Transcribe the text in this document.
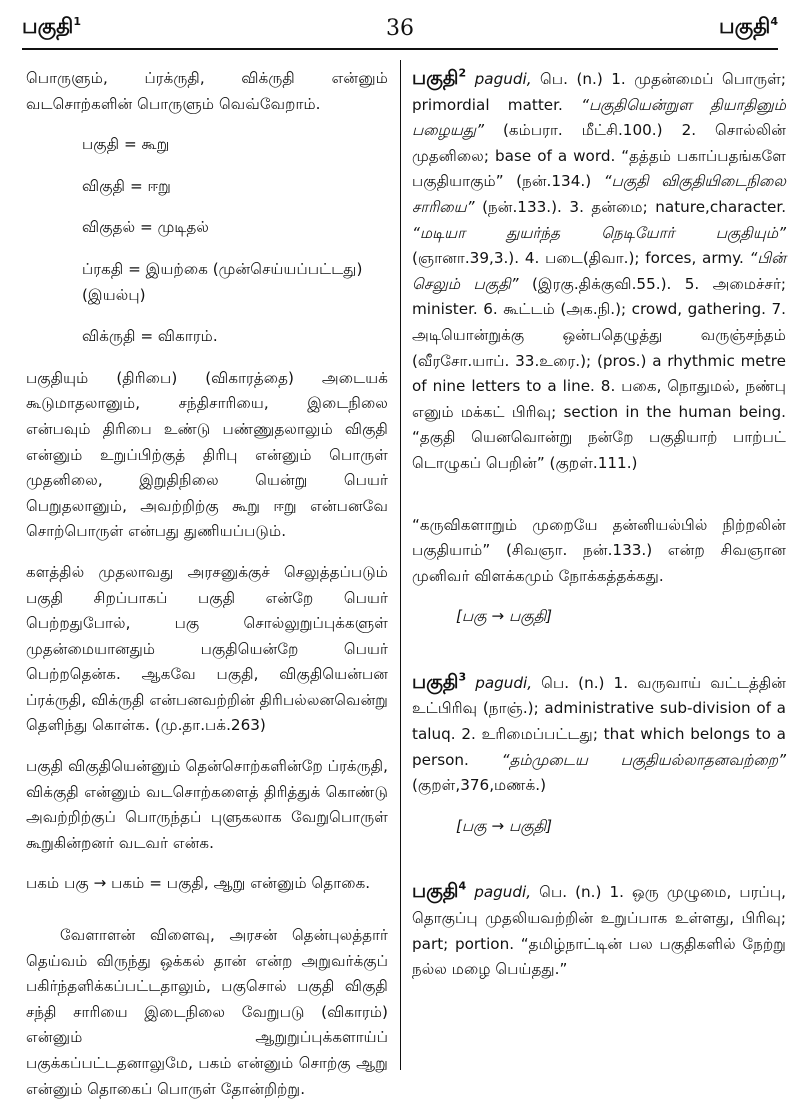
பகுதி$^1$	36	பகுதி$^4$

பொருளும், ப்ரக்ருதி, விக்ருதி என்னும் வடசொற்களின் பொருளும் வெவ்வேறாம்.

பகுதி = கூறு

விகுதி = ஈறு

விகுதல் = முடிதல்

ப்ரகதி = இயற்கை (முன்செய்யப்பட்டது) (இயல்பு)

விக்ருதி = விகாரம்.

பகுதியும் (திரிபை) (விகாரத்தை) அடையக் கூடுமாதலானும், சந்திசாரியை, இடைநிலை என்பவும் திரிபை உண்டு பண்ணுதலாலும் விகுதி என்னும் உறுப்பிற்குத் திரிபு என்னும் பொருள் முதனிலை, இறுதிநிலை யென்று பெயர் பெறுதலானும், அவற்றிற்கு கூறு ஈறு என்பனவே சொற்பொருள் என்பது துணியப்படும்.

களத்தில் முதலாவது அரசனுக்குச் செலுத்தப்படும் பகுதி சிறப்பாகப் பகுதி என்றே பெயர் பெற்றதுபோல், பகு சொல்லுறுப்புக்களுள் முதன்மையானதும் பகுதியென்றே பெயர் பெற்றதென்க. ஆகவே பகுதி, விகுதியென்பன ப்ரக்ருதி, விக்ருதி என்பனவற்றின் திரிபல்லனவென்று தெளிந்து கொள்க. (மு.தா.பக்.263)

பகுதி விகுதியென்னும் தென்சொற்களின்றே ப்ரக்ருதி, விக்குதி என்னும் வடசொற்களைத் திரித்துக் கொண்டு அவற்றிற்குப் பொருந்தப் புளுகலாக வேறுபொருள் கூறுகின்றனர் வடவர் என்க.

பகம் பகு → பகம் = பகுதி, ஆறு என்னும் தொகை.

வேளாளன் விளைவு, அரசன் தென்புலத்தார் தெய்வம் விருந்து ஒக்கல் தான் என்ற அறுவர்க்குப் பகிர்ந்தளிக்கப்பட்டதாலும், பகுசொல் பகுதி விகுதி சந்தி சாரியை இடைநிலை வேறுபடு (விகாரம்) என்னும் ஆறுறுப்புக்களாய்ப் பகுக்கப்பட்டதனாலுமே, பகம் என்னும் சொற்கு ஆறு என்னும் தொகைப் பொருள் தோன்றிற்று.

பகுதி$^2$ pagudi, பெ. (n.) 1. முதன்மைப் பொருள்; primordial matter. “பகுதியென்றுள தியாதினும் பழையது” (கம்பரா. மீட்சி.100.) 2. சொல்லின் முதனிலை; base of a word. “தத்தம் பகாப்பதங்களே பகுதியாகும்” (நன்.134.) “பகுதி விகுதியிடைநிலை சாரியை” (நன்.133.). 3. தன்மை; nature,character. “மடியா துயர்ந்த நெடியோர் பகுதியும்” (ஞானா.39,3.). 4. படை(திவா.); forces, army. “பின் செலும் பகுதி” (இரகு.திக்குவி.55.). 5. அமைச்சர்; minister. 6. கூட்டம் (அக.நி.); crowd, gathering. 7. அடியொன்றுக்கு ஒன்பதெழுத்து வருஞ்சந்தம் (வீரசோ.யாப். 33.உரை.); (pros.) a rhythmic metre of nine letters to a line. 8. பகை, நொதுமல், நண்பு எனும் மக்கட் பிரிவு; section in the human being. “தகுதி யெனவொன்று நன்றே பகுதியாற் பாற்பட் டொழுகப் பெறின்” (குறள்.111.)

“கருவிகளாறும் முறையே தன்னியல்பில் நிற்றலின் பகுதியாம்” (சிவஞா. நன்.133.) என்ற சிவஞான முனிவர் விளக்கமும் நோக்கத்தக்கது.

[பகு → பகுதி]

பகுதி$^3$ pagudi, பெ. (n.) 1. வருவாய் வட்டத்தின் உட்பிரிவு (நாஞ்.); administrative sub-division of a taluq. 2. உரிமைப்பட்டது; that which belongs to a person. “தம்முடைய பகுதியல்லாதனவற்றை” (குறள்,376,மணக்.)

[பகு → பகுதி]

பகுதி$^4$ pagudi, பெ. (n.) 1. ஒரு முழுமை, பரப்பு, தொகுப்பு முதலியவற்றின் உறுப்பாக உள்ளது, பிரிவு; part; portion. “தமிழ்நாட்டின் பல பகுதிகளில் நேற்று நல்ல மழை பெய்தது.”
